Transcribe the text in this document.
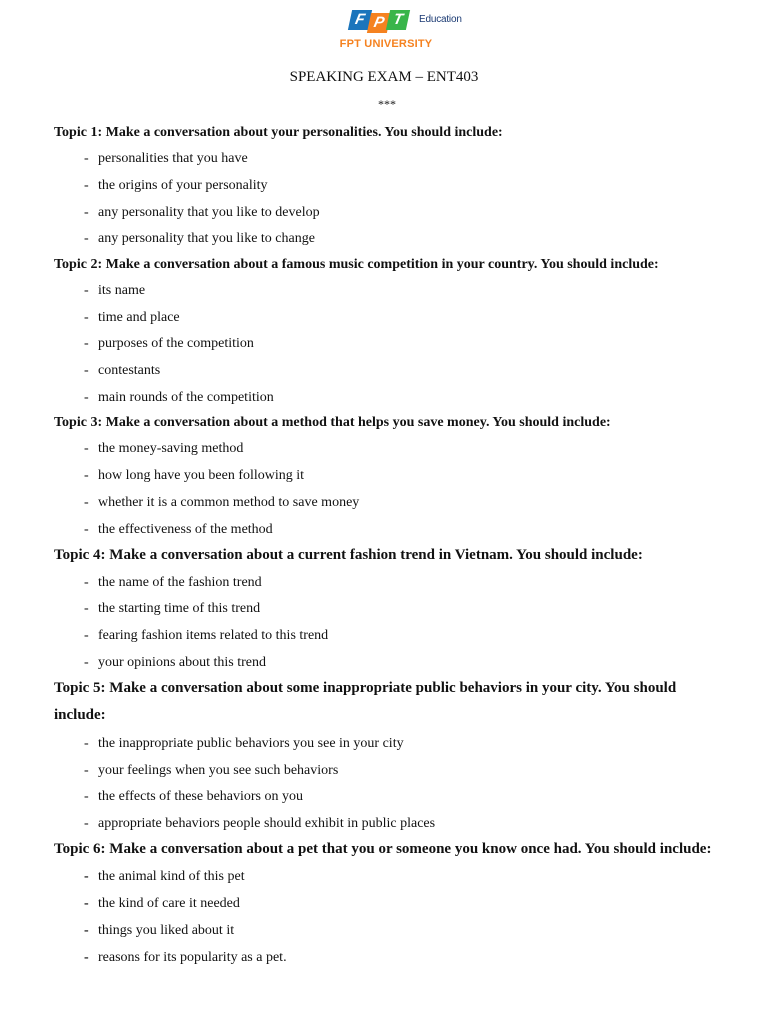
F P T	Education
FPT UNIVERSITY
SPEAKING EXAM – ENT403
***
Topic 1: Make a conversation about your personalities. You should include:
- personalities that you have
- the origins of your personality
- any personality that you like to develop
- any personality that you like to change
Topic 2: Make a conversation about a famous music competition in your country. You should include:
- its name
- time and place
- purposes of the competition
- contestants
- main rounds of the competition
Topic 3: Make a conversation about a method that helps you save money. You should include:
- the money-saving method
- how long have you been following it
- whether it is a common method to save money
- the effectiveness of the method
Topic 4: Make a conversation about a current fashion trend in Vietnam. You should include:
- the name of the fashion trend
- the starting time of this trend
- fearing fashion items related to this trend
- your opinions about this trend
Topic 5: Make a conversation about some inappropriate public behaviors in your city. You should include:
- the inappropriate public behaviors you see in your city
- your feelings when you see such behaviors
- the effects of these behaviors on you
- appropriate behaviors people should exhibit in public places
Topic 6: Make a conversation about a pet that you or someone you know once had. You should include:
- the animal kind of this pet
- the kind of care it needed
- things you liked about it
- reasons for its popularity as a pet.
